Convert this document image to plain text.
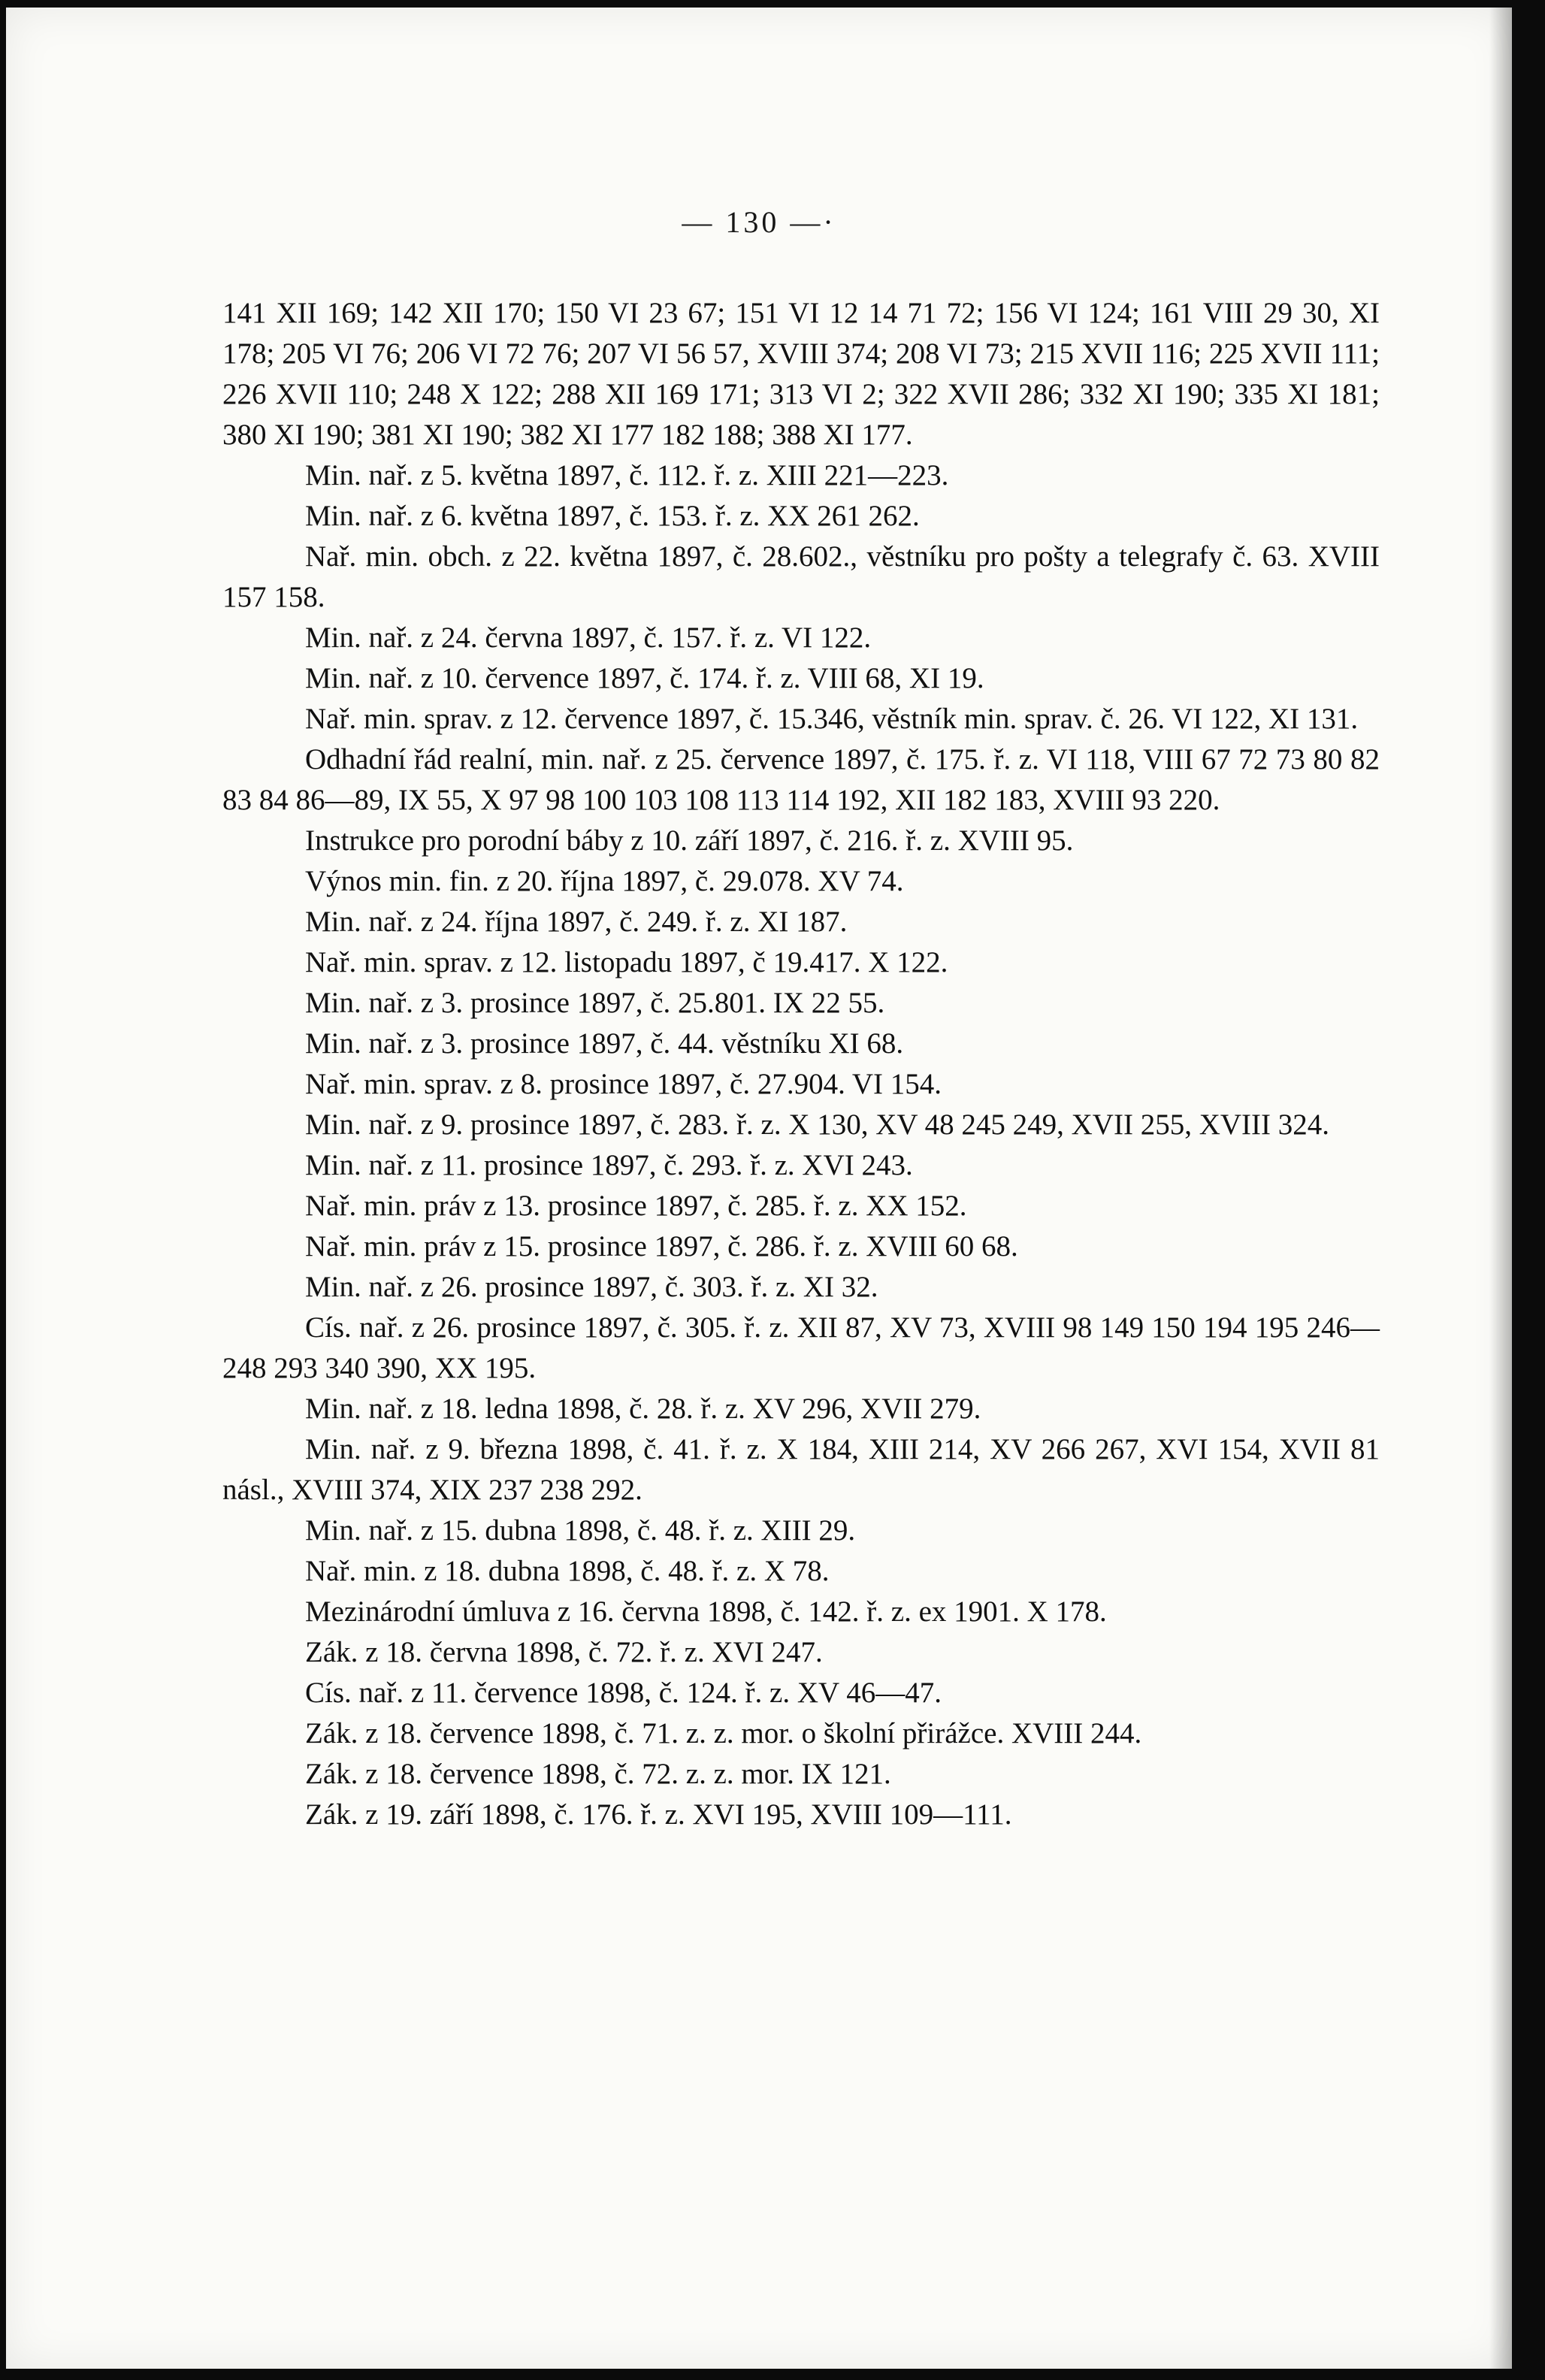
— 130 —·

141 XII 169; 142 XII 170; 150 VI 23 67; 151 VI 12 14 71 72; 156 VI 124; 161 VIII 29 30, XI 178; 205 VI 76; 206 VI 72 76; 207 VI 56 57, XVIII 374; 208 VI 73; 215 XVII 116; 225 XVII 111; 226 XVII 110; 248 X 122; 288 XII 169 171; 313 VI 2; 322 XVII 286; 332 XI 190; 335 XI 181; 380 XI 190; 381 XI 190; 382 XI 177 182 188; 388 XI 177.

Min. nař. z 5. května 1897, č. 112. ř. z. XIII 221—223.

Min. nař. z 6. května 1897, č. 153. ř. z. XX 261 262.

Nař. min. obch. z 22. května 1897, č. 28.602., věstníku pro pošty a telegrafy č. 63. XVIII 157 158.

Min. nař. z 24. června 1897, č. 157. ř. z. VI 122.

Min. nař. z 10. července 1897, č. 174. ř. z. VIII 68, XI 19.

Nař. min. sprav. z 12. července 1897, č. 15.346, věstník min. sprav. č. 26. VI 122, XI 131.

Odhadní řád realní, min. nař. z 25. července 1897, č. 175. ř. z. VI 118, VIII 67 72 73 80 82 83 84 86—89, IX 55, X 97 98 100 103 108 113 114 192, XII 182 183, XVIII 93 220.

Instrukce pro porodní báby z 10. září 1897, č. 216. ř. z. XVIII 95.

Výnos min. fin. z 20. října 1897, č. 29.078. XV 74.

Min. nař. z 24. října 1897, č. 249. ř. z. XI 187.

Nař. min. sprav. z 12. listopadu 1897, č 19.417. X 122.

Min. nař. z 3. prosince 1897, č. 25.801. IX 22 55.

Min. nař. z 3. prosince 1897, č. 44. věstníku XI 68.

Nař. min. sprav. z 8. prosince 1897, č. 27.904. VI 154.

Min. nař. z 9. prosince 1897, č. 283. ř. z. X 130, XV 48 245 249, XVII 255, XVIII 324.

Min. nař. z 11. prosince 1897, č. 293. ř. z. XVI 243.

Nař. min. práv z 13. prosince 1897, č. 285. ř. z. XX 152.

Nař. min. práv z 15. prosince 1897, č. 286. ř. z. XVIII 60 68.

Min. nař. z 26. prosince 1897, č. 303. ř. z. XI 32.

Cís. nař. z 26. prosince 1897, č. 305. ř. z. XII 87, XV 73, XVIII 98 149 150 194 195 246—248 293 340 390, XX 195.

Min. nař. z 18. ledna 1898, č. 28. ř. z. XV 296, XVII 279.

Min. nař. z 9. března 1898, č. 41. ř. z. X 184, XIII 214, XV 266 267, XVI 154, XVII 81 násl., XVIII 374, XIX 237 238 292.

Min. nař. z 15. dubna 1898, č. 48. ř. z. XIII 29.

Nař. min. z 18. dubna 1898, č. 48. ř. z. X 78.

Mezinárodní úmluva z 16. června 1898, č. 142. ř. z. ex 1901. X 178.

Zák. z 18. června 1898, č. 72. ř. z. XVI 247.

Cís. nař. z 11. července 1898, č. 124. ř. z. XV 46—47.

Zák. z 18. července 1898, č. 71. z. z. mor. o školní přirážce. XVIII 244.

Zák. z 18. července 1898, č. 72. z. z. mor. IX 121.

Zák. z 19. září 1898, č. 176. ř. z. XVI 195, XVIII 109—111.
